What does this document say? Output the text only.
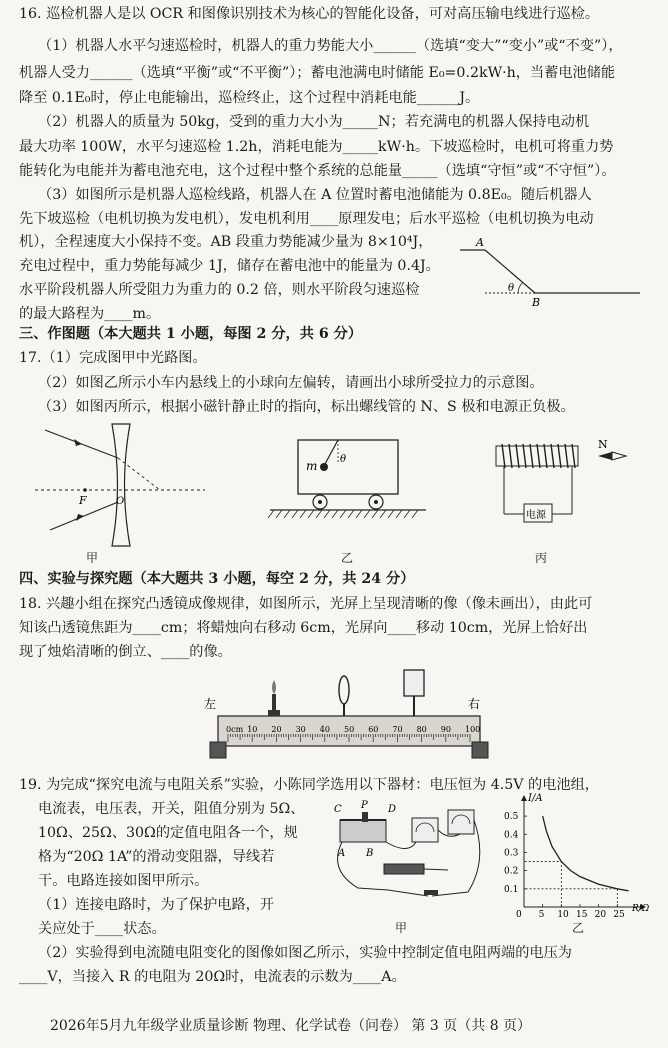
16. 巡检机器人是以 OCR 和图像识别技术为核心的智能化设备，可对高压输电线进行巡检。
（1）机器人水平匀速巡检时，机器人的重力势能大小______（选填“变大”“变小”或“不变”），
机器人受力______（选填“平衡”或“不平衡”）；蓄电池满电时储能 E₀=0.2kW·h，当蓄电池储能
降至 0.1E₀时，停止电能输出，巡检终止，这个过程中消耗电能______J。
（2）机器人的质量为 50kg，受到的重力大小为_____N；若充满电的机器人保持电动机
最大功率 100W，水平匀速巡检 1.2h，消耗电能为_____kW·h。下坡巡检时，电机可将重力势
能转化为电能并为蓄电池充电，这个过程中整个系统的总能量_____（选填“守恒”或“不守恒”）。
（3）如图所示是机器人巡检线路，机器人在 A 位置时蓄电池储能为 0.8E₀。随后机器人
先下坡巡检（电机切换为发电机），发电机利用____原理发电；后水平巡检（电机切换为电动
机），全程速度大小保持不变。AB 段重力势能减少量为 8×10⁴J，
充电过程中，重力势能每减少 1J，储存在蓄电池中的能量为 0.4J。
水平阶段机器人所受阻力为重力的 0.2 倍，则水平阶段匀速巡检
的最大路程为____m。
A
B
θ
三、作图题（本大题共 1 小题，每图 2 分，共 6 分）
17.（1）完成图甲中光路图。
（2）如图乙所示小车内悬线上的小球向左偏转，请画出小球所受拉力的示意图。
（3）如图丙所示，根据小磁针静止时的指向，标出螺线管的 N、S 极和电源正负极。
F	O
甲
m θ
乙
电源
N
丙
四、实验与探究题（本大题共 3 小题，每空 2 分，共 24 分）
18. 兴趣小组在探究凸透镜成像规律，如图所示，光屏上呈现清晰的像（像未画出），由此可
知该凸透镜焦距为____cm；将蜡烛向右移动 6cm，光屏向____移动 10cm，光屏上恰好出
现了烛焰清晰的倒立、____的像。
左	右
0cm 10 20 30 40 50 60 70 80 90 100
19. 为完成“探究电流与电阻关系”实验，小陈同学选用以下器材：电压恒为 4.5V 的电池组，
电流表，电压表，开关，阻值分别为 5Ω、
10Ω、25Ω、30Ω的定值电阻各一个，规
格为“20Ω 1A”的滑动变阻器，导线若
干。电路连接如图甲所示。
（1）连接电路时，为了保护电路，开
关应处于____状态。
（2）实验得到电流随电阻变化的图像如图乙所示，实验中控制定值电阻两端的电压为
____V，当接入 R 的电阻为 20Ω时，电流表的示数为____A。
C P D
A B
甲
I/A
R/Ω
0
0.1
0.2
0.3
0.4
0.5
5 10 15 20 25
乙
2026年5月九年级学业质量诊断 物理、化学试卷（问卷） 第 3 页（共 8 页）
